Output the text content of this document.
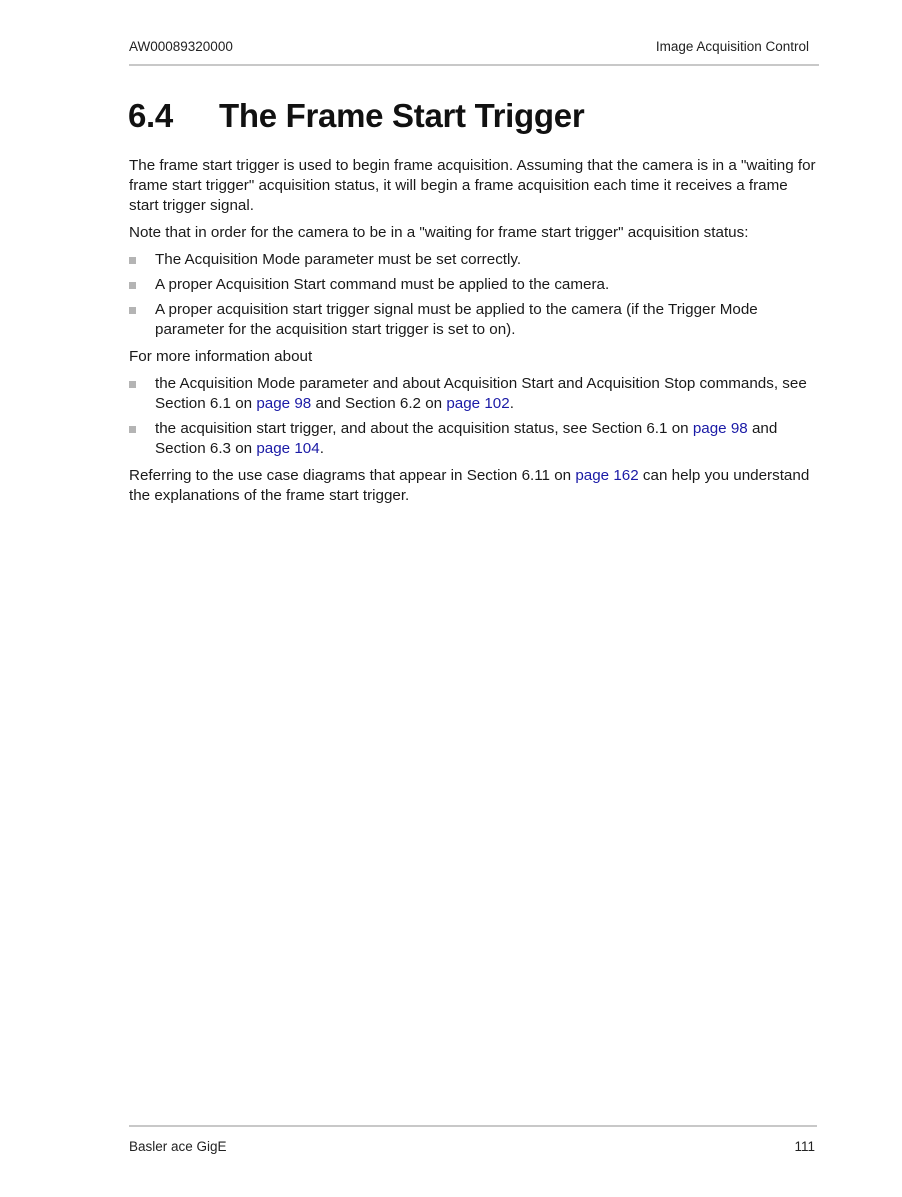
AW00089320000	Image Acquisition Control
6.4 The Frame Start Trigger

The frame start trigger is used to begin frame acquisition. Assuming that the camera is in a "waiting for frame start trigger" acquisition status, it will begin a frame acquisition each time it receives a frame start trigger signal.

Note that in order for the camera to be in a "waiting for frame start trigger" acquisition status:

The Acquisition Mode parameter must be set correctly.
A proper Acquisition Start command must be applied to the camera.
A proper acquisition start trigger signal must be applied to the camera (if the Trigger Mode parameter for the acquisition start trigger is set to on).

For more information about

the Acquisition Mode parameter and about Acquisition Start and Acquisition Stop commands, see Section 6.1 on page 98 and Section 6.2 on page 102.
the acquisition start trigger, and about the acquisition status, see Section 6.1 on page 98 and Section 6.3 on page 104.

Referring to the use case diagrams that appear in Section 6.11 on page 162 can help you understand the explanations of the frame start trigger.

Basler ace GigE	111
